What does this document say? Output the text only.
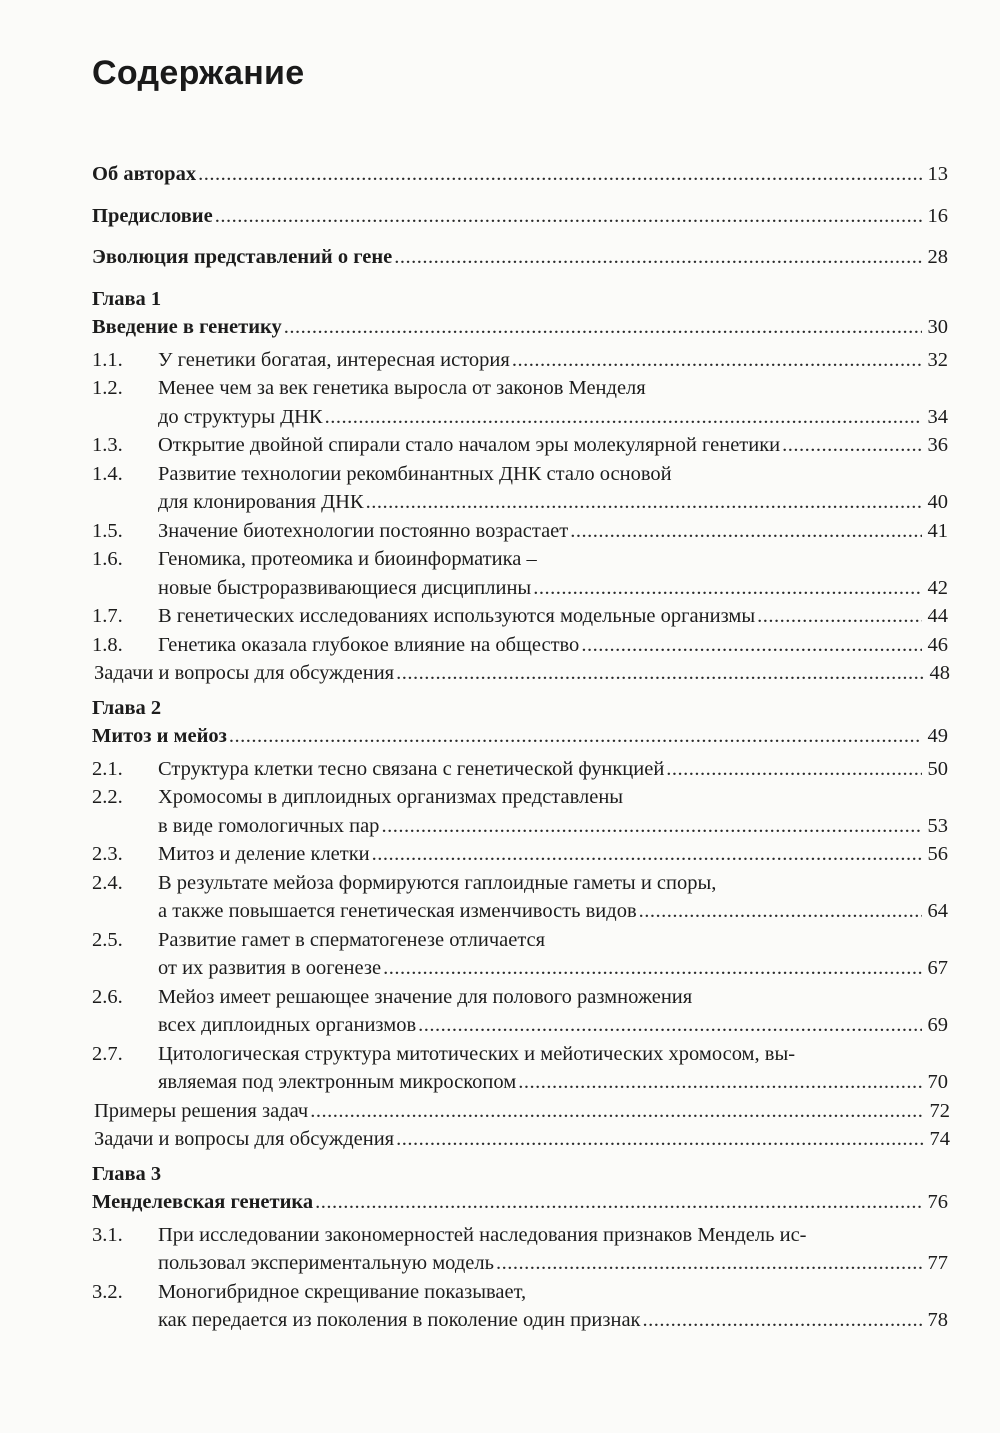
Содержание
Об авторах .....	13
Предисловие .....	16
Эволюция представлений о гене .....	28
Глава 1
Введение в генетику .....	30
1.1.	У генетики богатая, интересная история .....	32
1.2.	Менее чем за век генетика выросла от законов Менделя
до структуры ДНК .....	34
1.3.	Открытие двойной спирали стало началом эры молекулярной генетики .....	36
1.4.	Развитие технологии рекомбинантных ДНК стало основой
для клонирования ДНК .....	40
1.5.	Значение биотехнологии постоянно возрастает .....	41
1.6.	Геномика, протеомика и биоинформатика –
новые быстроразвивающиеся дисциплины .....	42
1.7.	В генетических исследованиях используются модельные организмы .....	44
1.8.	Генетика оказала глубокое влияние на общество .....	46
Задачи и вопросы для обсуждения .....	48
Глава 2
Митоз и мейоз .....	49
2.1.	Структура клетки тесно связана с генетической функцией .....	50
2.2.	Хромосомы в диплоидных организмах представлены
в виде гомологичных пар .....	53
2.3.	Митоз и деление клетки .....	56
2.4.	В результате мейоза формируются гаплоидные гаметы и споры,
а также повышается генетическая изменчивость видов .....	64
2.5.	Развитие гамет в сперматогенезе отличается
от их развития в оогенезе .....	67
2.6.	Мейоз имеет решающее значение для полового размножения
всех диплоидных организмов .....	69
2.7.	Цитологическая структура митотических и мейотических хромосом, вы-
являемая под электронным микроскопом .....	70
Примеры решения задач .....	72
Задачи и вопросы для обсуждения .....	74
Глава 3
Менделевская генетика .....	76
3.1.	При исследовании закономерностей наследования признаков Мендель ис-
пользовал экспериментальную модель .....	77
3.2.	Моногибридное скрещивание показывает,
как передается из поколения в поколение один признак .....	78
